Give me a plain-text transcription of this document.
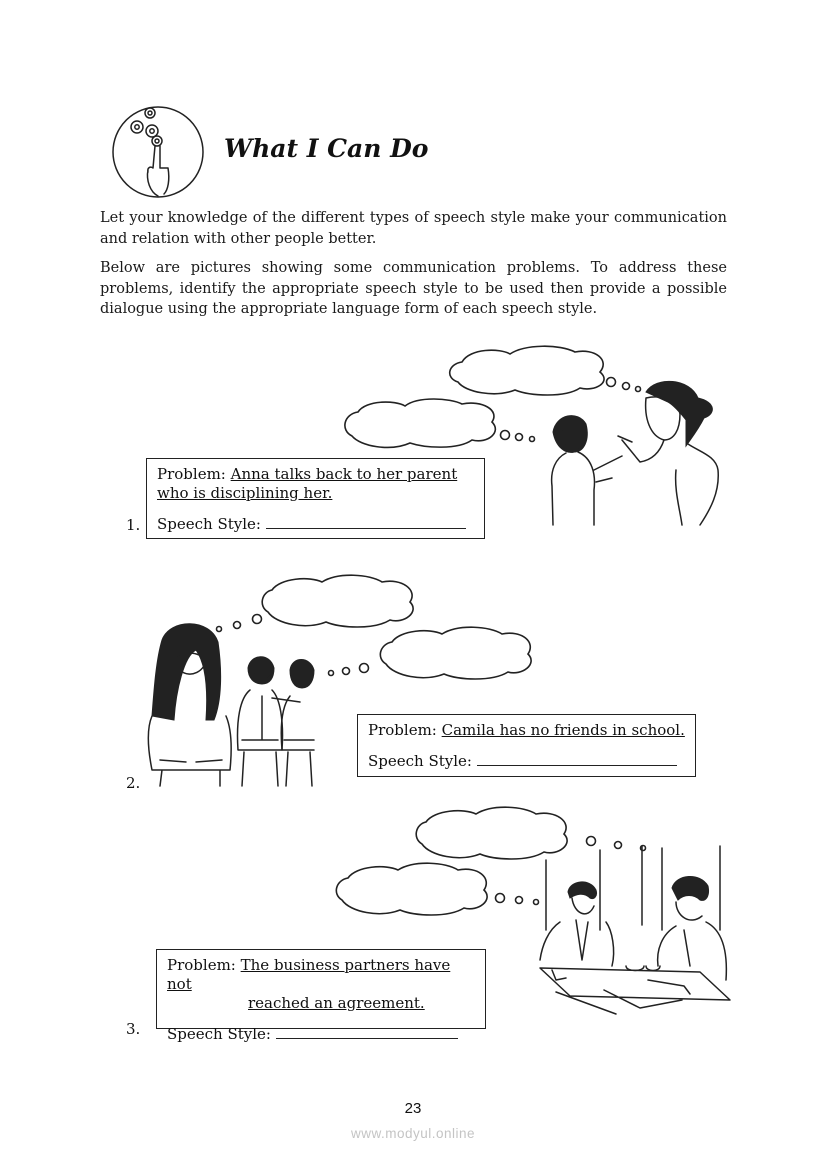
What I Can Do
Let your knowledge of the different types of speech style make your communication and relation with other people better.
Below are pictures showing some communication problems. To address these problems, identify the appropriate speech style to be used then provide a possible dialogue using the appropriate language form of each speech style.
1.
Problem: Anna talks back to her parent
who is disciplining her.
Speech Style:
2.
Problem: Camila has no friends in school.
Speech Style:
3.
Problem: The business partners have not
reached an agreement.
Speech Style:
23
www.modyul.online
